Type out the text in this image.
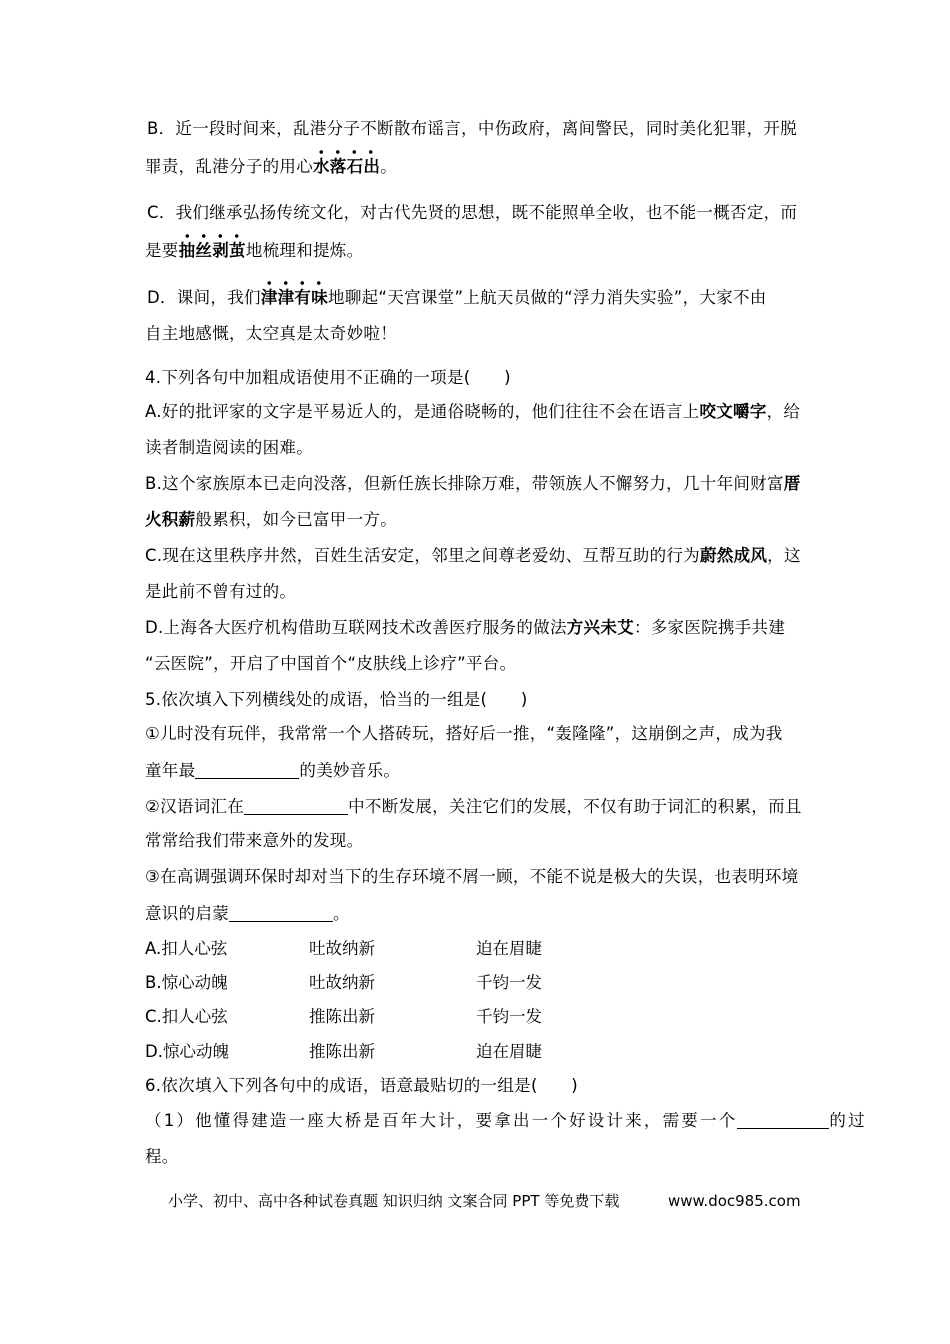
B．近一段时间来，乱港分子不断散布谣言，中伤政府，离间警民，同时美化犯罪，开脱
罪责，乱港分子的用心水落石出。
C．我们继承弘扬传统文化，对古代先贤的思想，既不能照单全收，也不能一概否定，而
是要抽丝剥茧地梳理和提炼。
D．课间，我们津津有味地聊起“天宫课堂”上航天员做的“浮力消失实验”，大家不由
自主地感慨，太空真是太奇妙啦！
4.下列各句中加粗成语使用不正确的一项是(　　)
A.好的批评家的文字是平易近人的，是通俗晓畅的，他们往往不会在语言上咬文嚼字，给
读者制造阅读的困难。
B.这个家族原本已走向没落，但新任族长排除万难，带领族人不懈努力，几十年间财富厝
火积薪般累积，如今已富甲一方。
C.现在这里秩序井然，百姓生活安定，邻里之间尊老爱幼、互帮互助的行为蔚然成风，这
是此前不曾有过的。
D.上海各大医疗机构借助互联网技术改善医疗服务的做法方兴未艾：多家医院携手共建
“云医院”，开启了中国首个“皮肤线上诊疗”平台。
5.依次填入下列横线处的成语，恰当的一组是(　　)
①儿时没有玩伴，我常常一个人搭砖玩，搭好后一推，“轰隆隆”，这崩倒之声，成为我
童年最	的美妙音乐。
②汉语词汇在	中不断发展，关注它们的发展，不仅有助于词汇的积累，而且
常常给我们带来意外的发现。
③在高调强调环保时却对当下的生存环境不屑一顾，不能不说是极大的失误，也表明环境
意识的启蒙	。
A.扣人心弦	吐故纳新	迫在眉睫
B.惊心动魄	吐故纳新	千钧一发
C.扣人心弦	推陈出新	千钧一发
D.惊心动魄	推陈出新	迫在眉睫
6.依次填入下列各句中的成语，语意最贴切的一组是(　　)
（1）他懂得建造一座大桥是百年大计，要拿出一个好设计来，需要一个	的过
程。
小学、初中、高中各种试卷真题 知识归纳 文案合同 PPT 等免费下载	www.doc985.com
